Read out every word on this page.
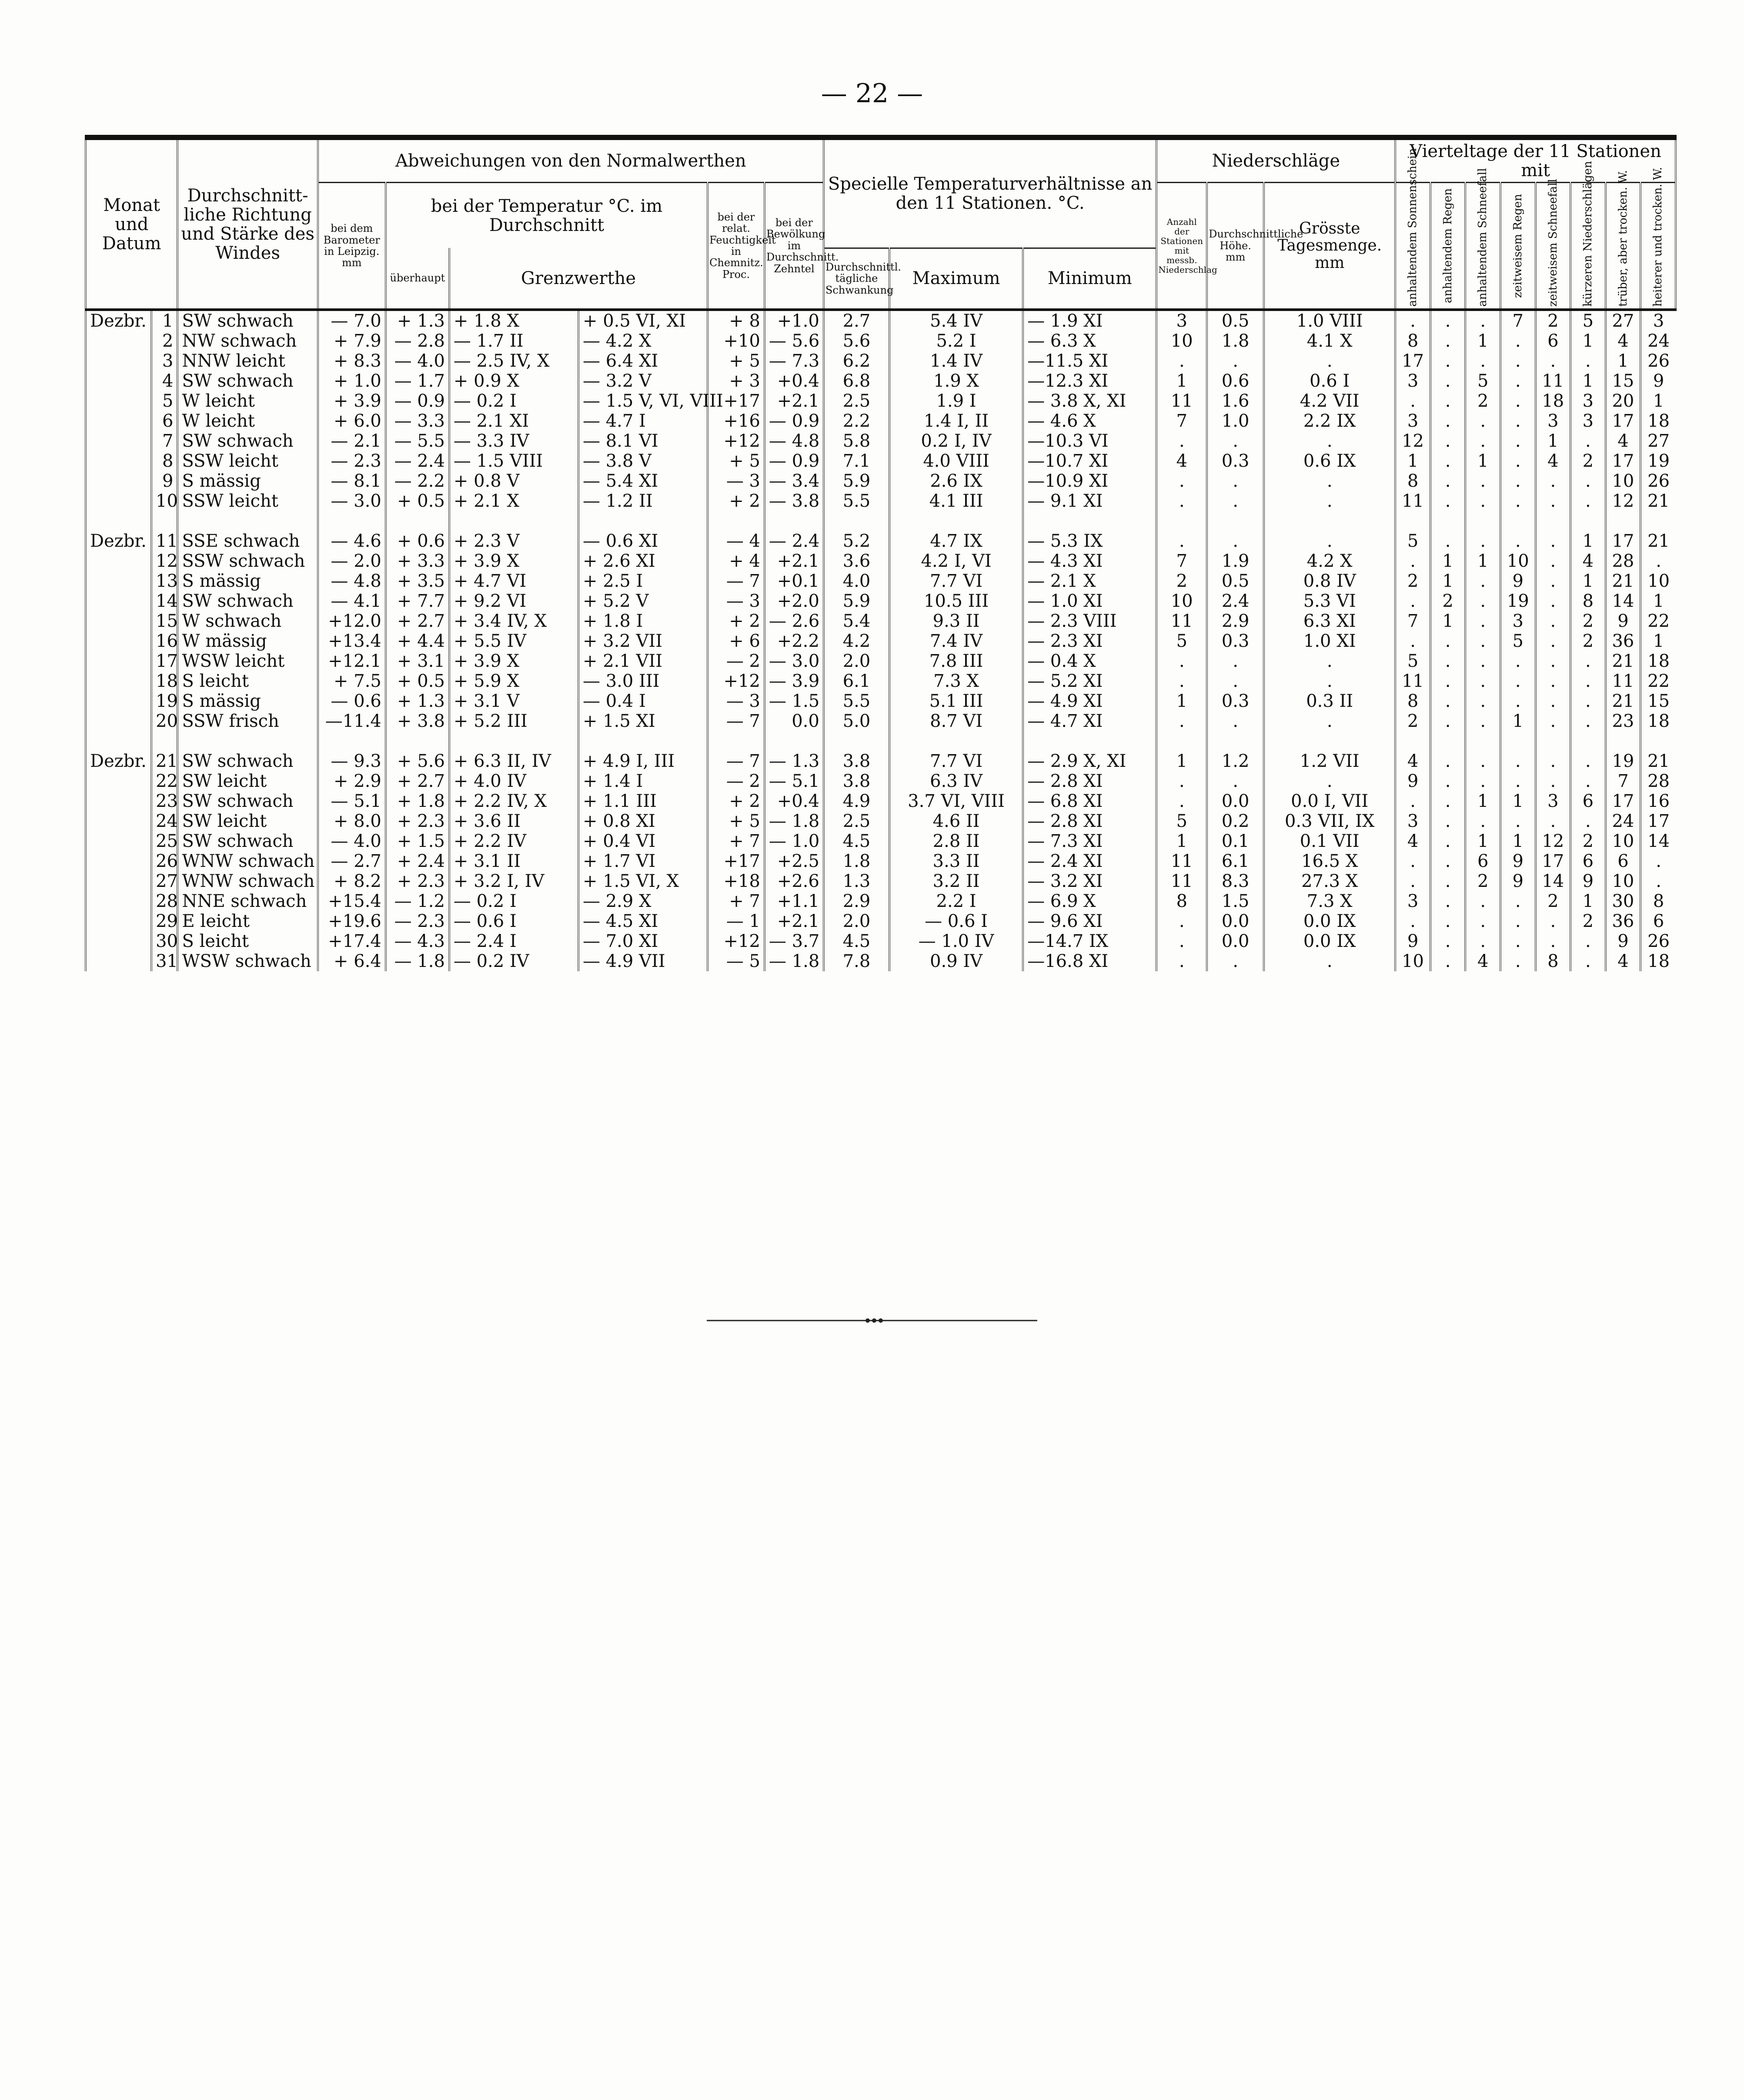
— 22 —
Monat und Datum		Durchschnitt-liche Richtung und Stärke des Windes	Abweichungen von den Normalwerthen						Specielle Temperaturverhältnisse an den 11 Stationen. °C.			Niederschläge			Vierteltage der 11 Stationen mit							
			bei dem Barometer in Leipzig. mm	bei der Temperatur °C. im Durchschnitt			bei der relat. Feuchtigkeit in Chemnitz. Proc.	bei der Bewölkung im Durchschnitt. Zehntel				Anzahl der Stationen mit messb. Niederschlag	Durchschnittliche Höhe. mm	Grösste Tagesmenge. mm	anhaltendem Sonnenschein	anhaltendem Regen	anhaltendem Schneefall	zeitweisem Regen	zeitweisem Schneefall	kürzeren Niederschlägen	trüber, aber trocken. W.	heiterer und trocken. W.

				überhaupt	Grenzwerthe				Durchschnittl. tägliche Schwankung	Maximum	Minimum											
Dezbr.	1	SW schwach	— 7.0	+ 1.3	+ 1.8 X	+ 0.5 VI, XI	+ 8	+1.0	2.7	5.4 IV	— 1.9 XI	3	0.5	1.0 VIII	.	.	.	7	2	5	27	3
	2	NW schwach	+ 7.9	— 2.8	— 1.7 II	— 4.2 X	+10	— 5.6	5.6	5.2 I	— 6.3 X	10	1.8	4.1 X	8	.	1	.	6	1	4	24
	3	NNW leicht	+ 8.3	— 4.0	— 2.5 IV, X	— 6.4 XI	+ 5	— 7.3	6.2	1.4 IV	—11.5 XI	.	.	.	17	.	.	.	.	.	1	26
	4	SW schwach	+ 1.0	— 1.7	+ 0.9 X	— 3.2 V	+ 3	+0.4	6.8	1.9 X	—12.3 XI	1	0.6	0.6 I	3	.	5	.	11	1	15	9
	5	W leicht	+ 3.9	— 0.9	— 0.2 I	— 1.5 V, VI, VIII	+17	+2.1	2.5	1.9 I	— 3.8 X, XI	11	1.6	4.2 VII	.	.	2	.	18	3	20	1
	6	W leicht	+ 6.0	— 3.3	— 2.1 XI	— 4.7 I	+16	— 0.9	2.2	1.4 I, II	— 4.6 X	7	1.0	2.2 IX	3	.	.	.	3	3	17	18
	7	SW schwach	— 2.1	— 5.5	— 3.3 IV	— 8.1 VI	+12	— 4.8	5.8	0.2 I, IV	—10.3 VI	.	.	.	12	.	.	.	1	.	4	27
	8	SSW leicht	— 2.3	— 2.4	— 1.5 VIII	— 3.8 V	+ 5	— 0.9	7.1	4.0 VIII	—10.7 XI	4	0.3	0.6 IX	1	.	1	.	4	2	17	19
	9	S mässig	— 8.1	— 2.2	+ 0.8 V	— 5.4 XI	— 3	— 3.4	5.9	2.6 IX	—10.9 XI	.	.	.	8	.	.	.	.	.	10	26
	10	SSW leicht	— 3.0	+ 0.5	+ 2.1 X	— 1.2 II	+ 2	— 3.8	5.5	4.1 III	— 9.1 XI	.	.	.	11	.	.	.	.	.	12	21

Dezbr.	11	SSE schwach	— 4.6	+ 0.6	+ 2.3 V	— 0.6 XI	— 4	— 2.4	5.2	4.7 IX	— 5.3 IX	.	.	.	5	.	.	.	.	1	17	21
	12	SSW schwach	— 2.0	+ 3.3	+ 3.9 X	+ 2.6 XI	+ 4	+2.1	3.6	4.2 I, VI	— 4.3 XI	7	1.9	4.2 X	.	1	1	10	.	4	28	.
	13	S mässig	— 4.8	+ 3.5	+ 4.7 VI	+ 2.5 I	— 7	+0.1	4.0	7.7 VI	— 2.1 X	2	0.5	0.8 IV	2	1	.	9	.	1	21	10
	14	SW schwach	— 4.1	+ 7.7	+ 9.2 VI	+ 5.2 V	— 3	+2.0	5.9	10.5 III	— 1.0 XI	10	2.4	5.3 VI	.	2	.	19	.	8	14	1
	15	W schwach	+12.0	+ 2.7	+ 3.4 IV, X	+ 1.8 I	+ 2	— 2.6	5.4	9.3 II	— 2.3 VIII	11	2.9	6.3 XI	7	1	.	3	.	2	9	22
	16	W mässig	+13.4	+ 4.4	+ 5.5 IV	+ 3.2 VII	+ 6	+2.2	4.2	7.4 IV	— 2.3 XI	5	0.3	1.0 XI	.	.	.	5	.	2	36	1
	17	WSW leicht	+12.1	+ 3.1	+ 3.9 X	+ 2.1 VII	— 2	— 3.0	2.0	7.8 III	— 0.4 X	.	.	.	5	.	.	.	.	.	21	18
	18	S leicht	+ 7.5	+ 0.5	+ 5.9 X	— 3.0 III	+12	— 3.9	6.1	7.3 X	— 5.2 XI	.	.	.	11	.	.	.	.	.	11	22
	19	S mässig	— 0.6	+ 1.3	+ 3.1 V	— 0.4 I	— 3	— 1.5	5.5	5.1 III	— 4.9 XI	1	0.3	0.3 II	8	.	.	.	.	.	21	15
	20	SSW frisch	—11.4	+ 3.8	+ 5.2 III	+ 1.5 XI	— 7	0.0	5.0	8.7 VI	— 4.7 XI	.	.	.	2	.	.	1	.	.	23	18

Dezbr.	21	SW schwach	— 9.3	+ 5.6	+ 6.3 II, IV	+ 4.9 I, III	— 7	— 1.3	3.8	7.7 VI	— 2.9 X, XI	1	1.2	1.2 VII	4	.	.	.	.	.	19	21
	22	SW leicht	+ 2.9	+ 2.7	+ 4.0 IV	+ 1.4 I	— 2	— 5.1	3.8	6.3 IV	— 2.8 XI	.	.	.	9	.	.	.	.	.	7	28
	23	SW schwach	— 5.1	+ 1.8	+ 2.2 IV, X	+ 1.1 III	+ 2	+0.4	4.9	3.7 VI, VIII	— 6.8 XI	.	0.0	0.0 I, VII	.	.	1	1	3	6	17	16
	24	SW leicht	+ 8.0	+ 2.3	+ 3.6 II	+ 0.8 XI	+ 5	— 1.8	2.5	4.6 II	— 2.8 XI	5	0.2	0.3 VII, IX	3	.	.	.	.	.	24	17
	25	SW schwach	— 4.0	+ 1.5	+ 2.2 IV	+ 0.4 VI	+ 7	— 1.0	4.5	2.8 II	— 7.3 XI	1	0.1	0.1 VII	4	.	1	1	12	2	10	14
	26	WNW schwach	— 2.7	+ 2.4	+ 3.1 II	+ 1.7 VI	+17	+2.5	1.8	3.3 II	— 2.4 XI	11	6.1	16.5 X	.	.	6	9	17	6	6	.
	27	WNW schwach	+ 8.2	+ 2.3	+ 3.2 I, IV	+ 1.5 VI, X	+18	+2.6	1.3	3.2 II	— 3.2 XI	11	8.3	27.3 X	.	.	2	9	14	9	10	.
	28	NNE schwach	+15.4	— 1.2	— 0.2 I	— 2.9 X	+ 7	+1.1	2.9	2.2 I	— 6.9 X	8	1.5	7.3 X	3	.	.	.	2	1	30	8
	29	E leicht	+19.6	— 2.3	— 0.6 I	— 4.5 XI	— 1	+2.1	2.0	— 0.6 I	— 9.6 XI	.	0.0	0.0 IX	.	.	.	.	.	2	36	6
	30	S leicht	+17.4	— 4.3	— 2.4 I	— 7.0 XI	+12	— 3.7	4.5	— 1.0 IV	—14.7 IX	.	0.0	0.0 IX	9	.	.	.	.	.	9	26
	31	WSW schwach	+ 6.4	— 1.8	— 0.2 IV	— 4.9 VII	— 5	— 1.8	7.8	0.9 IV	—16.8 XI	.	.	.	10	.	4	.	8	.	4	18
